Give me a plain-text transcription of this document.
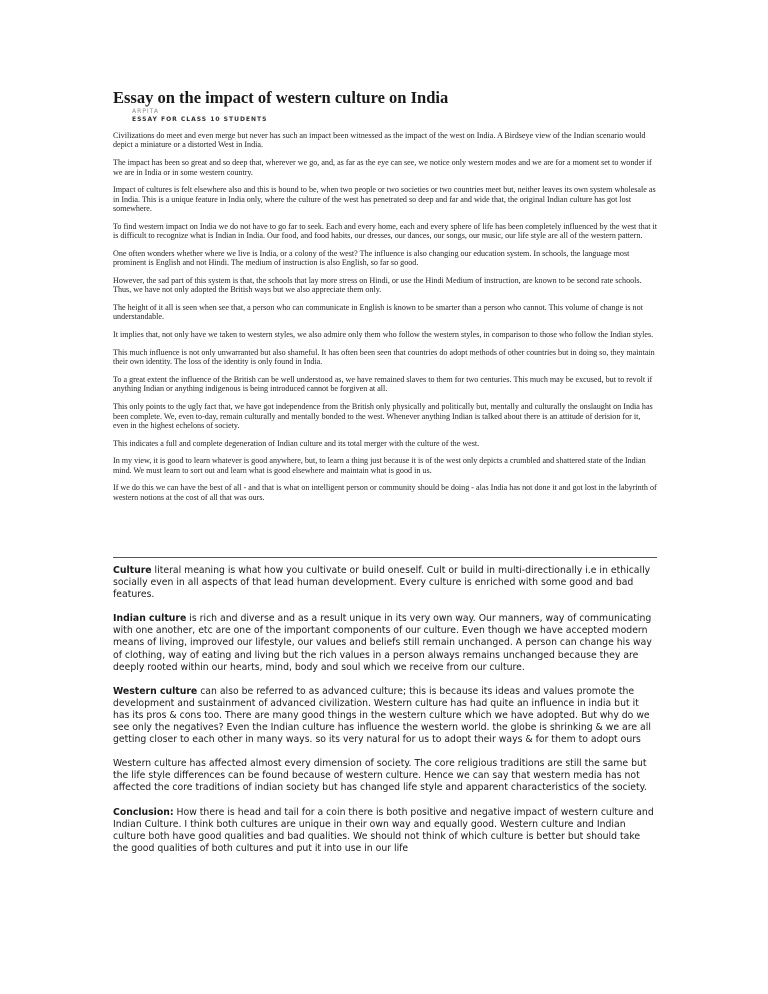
Essay on the impact of western culture on India
ARPITA
ESSAY FOR CLASS 10 STUDENTS

Civilizations do meet and even merge but never has such an impact been witnessed as the impact of the west on India. A Birdseye view of the Indian scenario would depict a miniature or a distorted West in India.

The impact has been so great and so deep that, wherever we go, and, as far as the eye can see, we notice only western modes and we are for a moment set to wonder if we are in India or in some western country.

Impact of cultures is felt elsewhere also and this is bound to be, when two people or two societies or two countries meet but, neither leaves its own system wholesale as in India. This is a unique feature in India only, where the culture of the west has penetrated so deep and far and wide that, the original Indian culture has got lost somewhere.

To find western impact on India we do not have to go far to seek. Each and every home, each and every sphere of life has been completely influenced by the west that it is difficult to recognize what is Indian in India. Our food, and food habits, our dresses, our dances, our songs, our music, our life style are all of the western pattern.

One often wonders whether where we live is India, or a colony of the west? The influence is also changing our education system. In schools, the language most prominent is English and not Hindi. The medium of instruction is also English, so far so good.

However, the sad part of this system is that, the schools that lay more stress on Hindi, or use the Hindi Medium of instruction, are known to be second rate schools. Thus, we have not only adopted the British ways but we also appreciate them only.

The height of it all is seen when see that, a person who can communicate in English is known to be smarter than a person who cannot. This volume of change is not understandable.

It implies that, not only have we taken to western styles, we also admire only them who follow the western styles, in comparison to those who follow the Indian styles.

This much influence is not only unwarranted but also shameful. It has often been seen that countries do adopt methods of other countries but in doing so, they maintain their own identity. The loss of the identity is only found in India.

To a great extent the influence of the British can be well understood as, we have remained slaves to them for two centuries. This much may be excused, but to revolt if anything Indian or anything indigenous is being introduced cannot be forgiven at all.

This only points to the ugly fact that, we have got independence from the British only physically and politically but, mentally and culturally the onslaught on India has been complete. We, even to-day, remain culturally and mentally bonded to the west. Whenever anything Indian is talked about there is an attitude of derision for it, even in the highest echelons of society.

This indicates a full and complete degeneration of Indian culture and its total merger with the culture of the west.

In my view, it is good to learn whatever is good anywhere, but, to learn a thing just because it is of the west only depicts a crumbled and shattered state of the Indian mind. We must learn to sort out and learn what is good elsewhere and maintain what is good in us.

If we do this we can have the best of all - and that is what on intelligent person or community should be doing - alas India has not done it and got lost in the labyrinth of western notions at the cost of all that was ours.

Culture literal meaning is what how you cultivate or build oneself. Cult or build in multi-directionally i.e in ethically socially even in all aspects of that lead human development. Every culture is enriched with some good and bad features.

Indian culture is rich and diverse and as a result unique in its very own way. Our manners, way of communicating with one another, etc are one of the important components of our culture. Even though we have accepted modern means of living, improved our lifestyle, our values and beliefs still remain unchanged. A person can change his way of clothing, way of eating and living but the rich values in a person always remains unchanged because they are deeply rooted within our hearts, mind, body and soul which we receive from our culture.

Western culture can also be referred to as advanced culture; this is because its ideas and values promote the development and sustainment of advanced civilization. Western culture has had quite an influence in india but it has its pros & cons too. There are many good things in the western culture which we have adopted. But why do we see only the negatives? Even the Indian culture has influence the western world. the globe is shrinking & we are all getting closer to each other in many ways. so its very natural for us to adopt their ways & for them to adopt ours

Western culture has affected almost every dimension of society. The core religious traditions are still the same but the life style differences can be found because of western culture. Hence we can say that western media has not affected the core traditions of indian society but has changed life style and apparent characteristics of the society.

Conclusion: How there is head and tail for a coin there is both positive and negative impact of western culture and Indian Culture. I think both cultures are unique in their own way and equally good. Western culture and Indian culture both have good qualities and bad qualities. We should not think of which culture is better but should take the good qualities of both cultures and put it into use in our life
